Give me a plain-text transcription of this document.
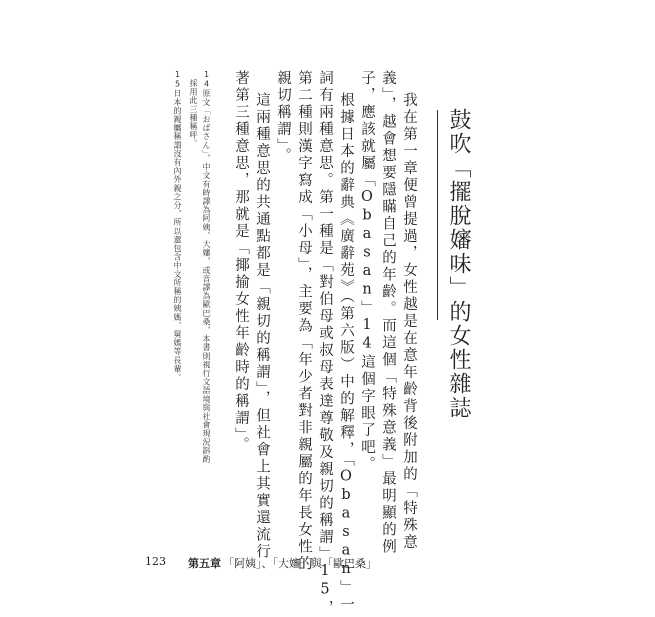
鼓吹「擺脫嬸味」的女性雜誌
我在第一章便曾提過，女性越是在意年齡背後附加的「特殊意
義」，越會想要隱瞞自己的年齡。而這個「特殊意義」最明顯的例
子，應該就屬「Obasan」14這個字眼了吧。
根據日本的辭典《廣辭苑》（第六版）中的解釋，「Obasan」一
詞有兩種意思。第一種是「對伯母或叔母表達尊敬及親切的稱謂」15，
第二種則漢字寫成「小母」，主要為「年少者對非親屬的年長女性的
親切稱謂」。
這兩種意思的共通點都是「親切的稱謂」，但社會上其實還流行
著第三種意思，那就是「揶揄女性年齡時的稱謂」。
14原文「おばさん」，中文有時譯為阿姨、大嬸，或音譯為歐巴桑，本書則視行文語境與社會現況斟酌
採用此三種稱呼。
15日本的親屬稱謂沒有內外親之分，所以還包含中文所稱的姨媽、舅媽等長輩。
123 第五章 「阿姨」、「大嬸」與「歐巴桑」
